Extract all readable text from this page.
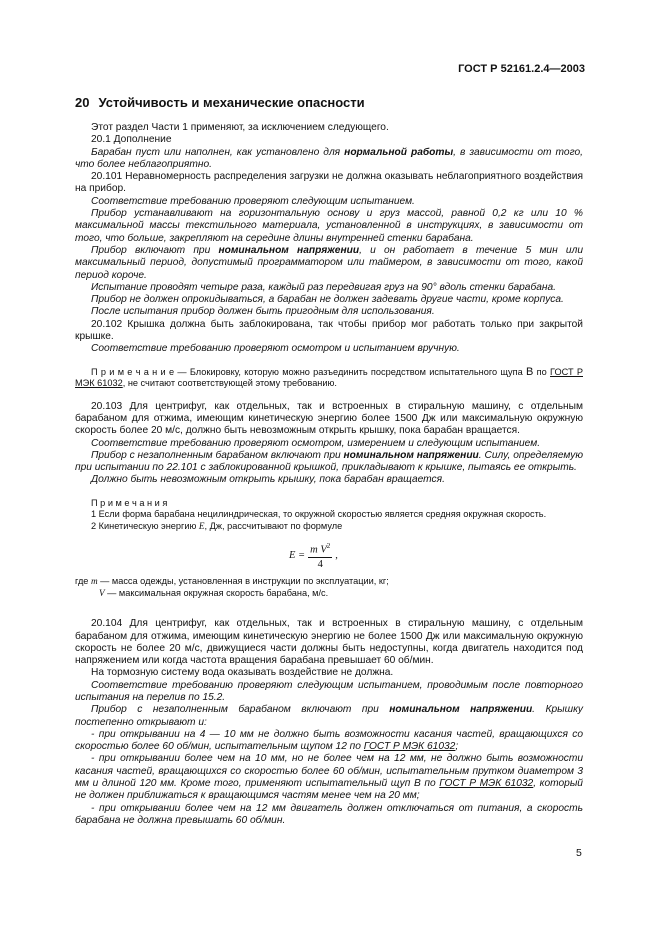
ГОСТ Р 52161.2.4—2003
20 Устойчивость и механические опасности

Этот раздел Части 1 применяют, за исключением следующего.

20.1 Дополнение

Барабан пуст или наполнен, как установлено для нормальной работы, в зависимости от того, что более неблагоприятно.

20.101 Неравномерность распределения загрузки не должна оказывать неблагоприятного воздействия на прибор.

Соответствие требованию проверяют следующим испытанием.

Прибор устанавливают на горизонтальную основу и груз массой, равной 0,2 кг или 10 % максимальной массы текстильного материала, установленной в инструкциях, в зависимости от того, что больше, закрепляют на середине длины внутренней стенки барабана.

Прибор включают при номинальном напряжении, и он работает в течение 5 мин или максимальный период, допустимый программатором или таймером, в зависимости от того, какой период короче.

Испытание проводят четыре раза, каждый раз передвигая груз на 90° вдоль стенки барабана.

Прибор не должен опрокидываться, а барабан не должен задевать другие части, кроме корпуса.

После испытания прибор должен быть пригодным для использования.

20.102 Крышка должна быть заблокирована, так чтобы прибор мог работать только при закрытой крышке.

Соответствие требованию проверяют осмотром и испытанием вручную.

П р и м е ч а н и е — Блокировку, которую можно разъединить посредством испытательного щупа В по ГОСТ Р МЭК 61032, не считают соответствующей этому требованию.

20.103 Для центрифуг, как отдельных, так и встроенных в стиральную машину, с отдельным барабаном для отжима, имеющим кинетическую энергию более 1500 Дж или максимальную окружную скорость более 20 м/с, должно быть невозможным открыть крышку, пока барабан вращается.

Соответствие требованию проверяют осмотром, измерением и следующим испытанием.

Прибор с незаполненным барабаном включают при номинальном напряжении. Силу, определяемую при испытании по 22.101 с заблокированной крышкой, прикладывают к крышке, пытаясь ее открыть.

Должно быть невозможным открыть крышку, пока барабан вращается.

П р и м е ч а н и я

1 Если форма барабана нецилиндрическая, то окружной скоростью является средняя окружная скорость.

2 Кинетическую энергию Е, Дж, рассчитывают по формуле

$E = \frac{m V^2}{4}$ ,
где m — масса одежды, установленная в инструкции по эксплуатации, кг;
V — максимальная окружная скорость барабана, м/с.

20.104 Для центрифуг, как отдельных, так и встроенных в стиральную машину, с отдельным барабаном для отжима, имеющим кинетическую энергию не более 1500 Дж или максимальную окружную скорость не более 20 м/с, движущиеся части должны быть недоступны, когда двигатель находится под напряжением или когда частота вращения барабана превышает 60 об/мин.

На тормозную систему вода оказывать воздействие не должна.

Соответствие требованию проверяют следующим испытанием, проводимым после повторного испытания на перелив по 15.2.

Прибор с незаполненным барабаном включают при номинальном напряжении. Крышку постепенно открывают и:

- при открывании на 4 — 10 мм не должно быть возможности касания частей, вращающихся со скоростью более 60 об/мин, испытательным щупом 12 по ГОСТ Р МЭК 61032;

- при открывании более чем на 10 мм, но не более чем на 12 мм, не должно быть возможности касания частей, вращающихся со скоростью более 60 об/мин, испытательным прутком диаметром 3 мм и длиной 120 мм. Кроме того, применяют испытательный щуп В по ГОСТ Р МЭК 61032, который не должен приближаться к вращающимся частям менее чем на 20 мм;

- при открывании более чем на 12 мм двигатель должен отключаться от питания, а скорость барабана не должна превышать 60 об/мин.

5
